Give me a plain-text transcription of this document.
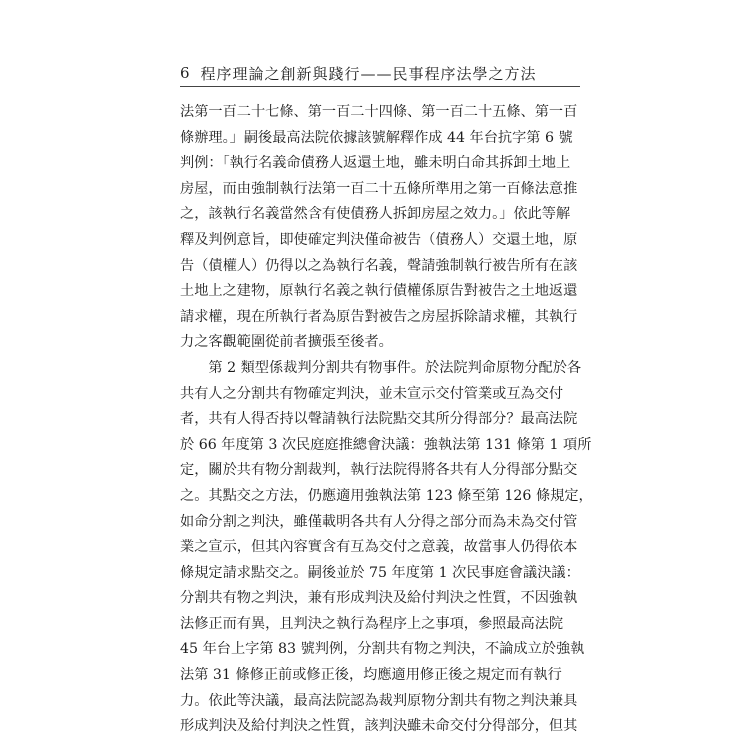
6 程序理論之創新與踐行——民事程序法學之方法
法第一百二十七條、第一百二十四條、第一百二十五條、第一百
條辦理。」嗣後最高法院依據該號解釋作成 44 年台抗字第 6 號
判例：「執行名義命債務人返還土地，雖未明白命其拆卸土地上
房屋，而由強制執行法第一百二十五條所準用之第一百條法意推
之，該執行名義當然含有使債務人拆卸房屋之效力。」依此等解
釋及判例意旨，即使確定判決僅命被告（債務人）交還土地，原
告（債權人）仍得以之為執行名義，聲請強制執行被告所有在該
土地上之建物，原執行名義之執行債權係原告對被告之土地返還
請求權，現在所執行者為原告對被告之房屋拆除請求權，其執行
力之客觀範圍從前者擴張至後者。
　　第 2 類型係裁判分割共有物事件。於法院判命原物分配於各
共有人之分割共有物確定判決，並未宣示交付管業或互為交付
者，共有人得否持以聲請執行法院點交其所分得部分？最高法院
於 66 年度第 3 次民庭庭推總會決議：強執法第 131 條第 1 項所
定，關於共有物分割裁判，執行法院得將各共有人分得部分點交
之。其點交之方法，仍應適用強執法第 123 條至第 126 條規定，
如命分割之判決，雖僅載明各共有人分得之部分而為未為交付管
業之宣示，但其內容實含有互為交付之意義，故當事人仍得依本
條規定請求點交之。嗣後並於 75 年度第 1 次民事庭會議決議：
分割共有物之判決，兼有形成判決及給付判決之性質，不因強執
法修正而有異，且判決之執行為程序上之事項，參照最高法院
45 年台上字第 83 號判例，分割共有物之判決，不論成立於強執
法第 31 條修正前或修正後，均應適用修正後之規定而有執行
力。依此等決議，最高法院認為裁判原物分割共有物之判決兼具
形成判決及給付判決之性質，該判決雖未命交付分得部分，但其
